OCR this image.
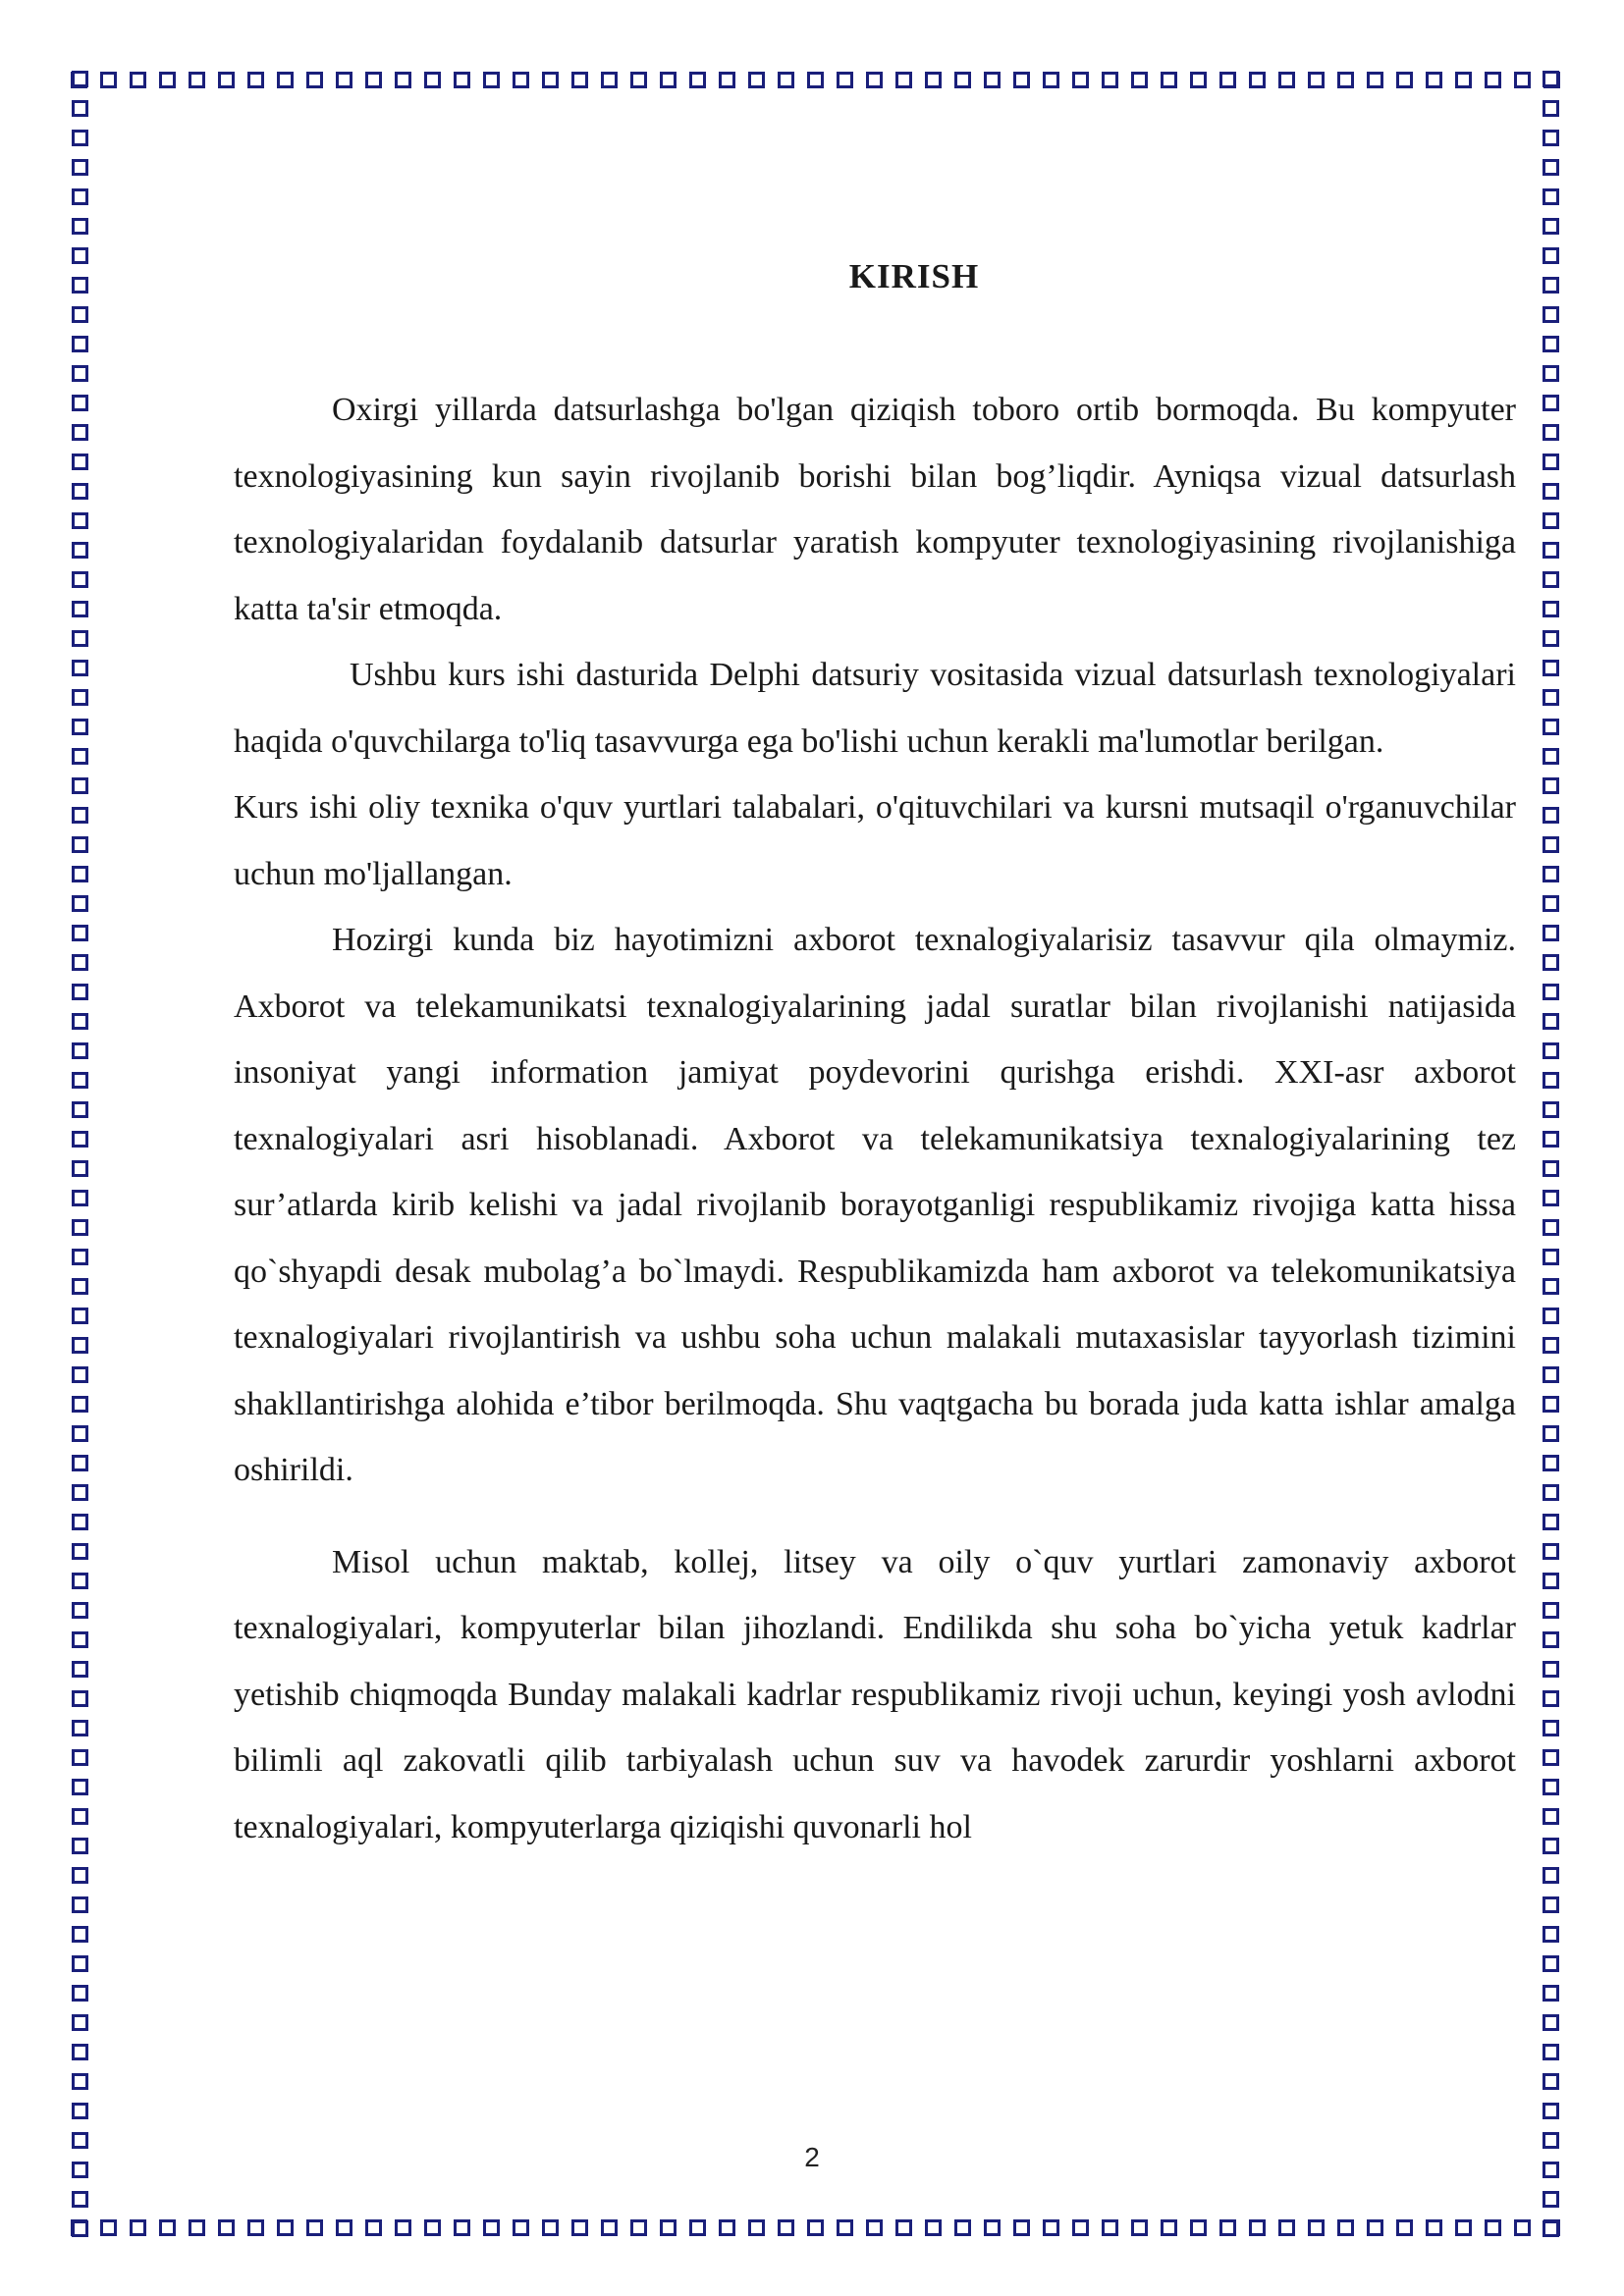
KIRISH

Oxirgi yillarda datsurlashga bo'lgan qiziqish toboro ortib bormoqda. Bu kompyuter texnologiyasining kun sayin rivojlanib borishi bilan bog’liqdir. Ayniqsa vizual datsurlash texnologiyalaridan foydalanib datsurlar yaratish kompyuter texnologiyasining rivojlanishiga katta ta'sir etmoqda.

Ushbu kurs ishi dasturida Delphi datsuriy vositasida vizual datsurlash texnologiyalari haqida o'quvchilarga to'liq tasavvurga ega bo'lishi uchun kerakli ma'lumotlar berilgan.

Kurs ishi oliy texnika o'quv yurtlari talabalari, o'qituvchilari va kursni mutsaqil o'rganuvchilar uchun mo'ljallangan.

Hozirgi kunda biz hayotimizni axborot texnalogiyalarisiz tasavvur qila olmaymiz. Axborot va telekamunikatsi texnalogiyalarining jadal suratlar bilan rivojlanishi natijasida insoniyat yangi information jamiyat poydevorini qurishga erishdi. XXI-asr axborot texnalogiyalari asri hisoblanadi. Axborot va telekamunikatsiya texnalogiyalarining tez sur’atlarda kirib kelishi va jadal rivojlanib borayotganligi respublikamiz rivojiga katta hissa qo`shyapdi desak mubolag’a bo`lmaydi. Respublikamizda ham axborot va telekomunikatsiya texnalogiyalari rivojlantirish va ushbu soha uchun malakali mutaxasislar tayyorlash tizimini shakllantirishga alohida e’tibor berilmoqda. Shu vaqtgacha bu borada juda katta ishlar amalga oshirildi.

Misol uchun maktab, kollej, litsey va oily o`quv yurtlari zamonaviy axborot texnalogiyalari, kompyuterlar bilan jihozlandi. Endilikda shu soha bo`yicha yetuk kadrlar yetishib chiqmoqda Bunday malakali kadrlar respublikamiz rivoji uchun, keyingi yosh avlodni bilimli aql zakovatli qilib tarbiyalash uchun suv va havodek zarurdir yoshlarni axborot texnalogiyalari, kompyuterlarga qiziqishi quvonarli hol

2
